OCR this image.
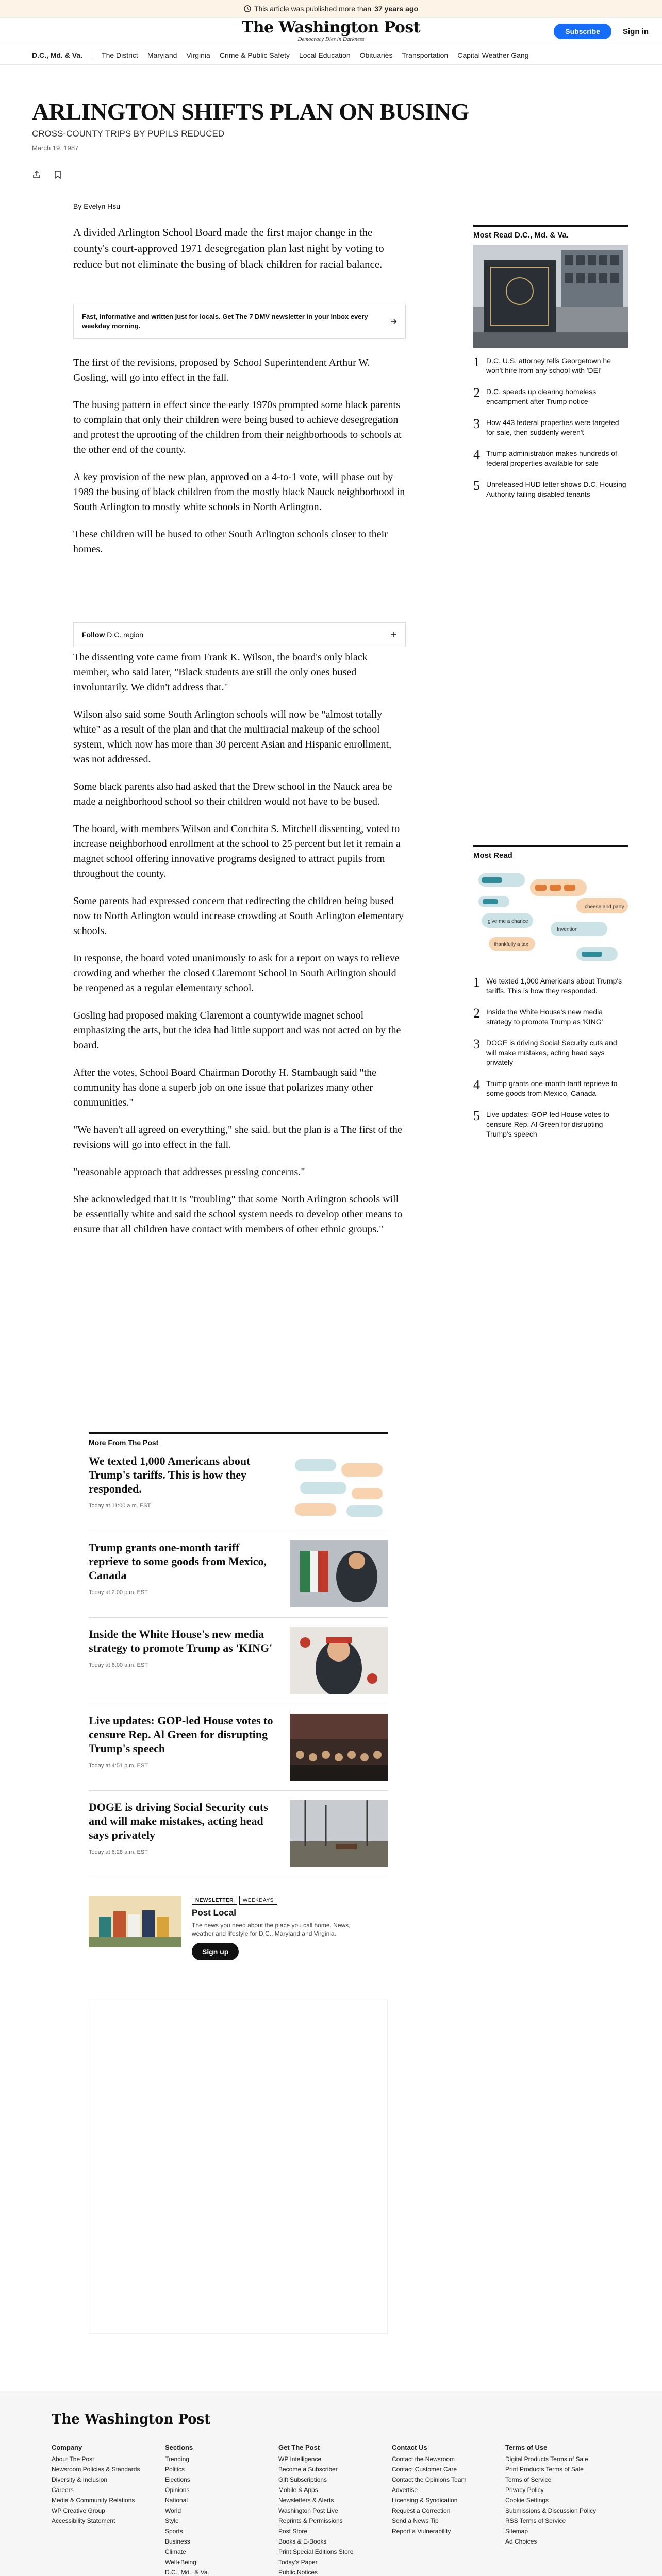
This article was published more than 37 years ago
The Washington Post
Democracy Dies in Darkness
Subscribe	Sign in
D.C., Md. & Va.	The District Maryland Virginia Crime & Public Safety Local Education Obituaries Transportation Capital Weather Gang
ARLINGTON SHIFTS PLAN ON BUSING
CROSS-COUNTY TRIPS BY PUPILS REDUCED
March 19, 1987
By Evelyn Hsu
A divided Arlington School Board made the first major change in the county's court-approved 1971 desegregation plan last night by voting to reduce but not eliminate the busing of black children for racial balance.
Fast, informative and written just for locals. Get The 7 DMV newsletter in your inbox every weekday morning.

The first of the revisions, proposed by School Superintendent Arthur W. Gosling, will go into effect in the fall.

The busing pattern in effect since the early 1970s prompted some black parents to complain that only their children were being bused to achieve desegregation and protest the uprooting of the children from their neighborhoods to schools at the other end of the county.

A key provision of the new plan, approved on a 4-to-1 vote, will phase out by 1989 the busing of black children from the mostly black Nauck neighborhood in South Arlington to mostly white schools in North Arlington.

These children will be bused to other South Arlington schools closer to their homes.

Follow D.C. region

The dissenting vote came from Frank K. Wilson, the board's only black member, who said later, "Black students are still the only ones bused involuntarily. We didn't address that."

Wilson also said some South Arlington schools will now be "almost totally white" as a result of the plan and that the multiracial makeup of the school system, which now has more than 30 percent Asian and Hispanic enrollment, was not addressed.

Some black parents also had asked that the Drew school in the Nauck area be made a neighborhood school so their children would not have to be bused.

The board, with members Wilson and Conchita S. Mitchell dissenting, voted to increase neighborhood enrollment at the school to 25 percent but let it remain a magnet school offering innovative programs designed to attract pupils from throughout the county.

Some parents had expressed concern that redirecting the children being bused now to North Arlington would increase crowding at South Arlington elementary schools.

In response, the board voted unanimously to ask for a report on ways to relieve crowding and whether the closed Claremont School in South Arlington should be reopened as a regular elementary school.

Gosling had proposed making Claremont a countywide magnet school emphasizing the arts, but the idea had little support and was not acted on by the board.

After the votes, School Board Chairman Dorothy H. Stambaugh said "the community has done a superb job on one issue that polarizes many other communities."

"We haven't all agreed on everything," she said. but the plan is a The first of the revisions will go into effect in the fall.

"reasonable approach that addresses pressing concerns."

She acknowledged that it is "troubling" that some North Arlington schools will be essentially white and said the school system needs to develop other means to ensure that all children have contact with members of other ethnic groups."

Most Read D.C., Md. & Va.
1 D.C. U.S. attorney tells Georgetown he won't hire from any school with 'DEI'
2 D.C. speeds up clearing homeless encampment after Trump notice
3 How 443 federal properties were targeted for sale, then suddenly weren't
4 Trump administration makes hundreds of federal properties available for sale
5 Unreleased HUD letter shows D.C. Housing Authority failing disabled tenants
Most Read
cheese and party
give me a chance
Invention
thankfully a tax
1 We texted 1,000 Americans about Trump's tariffs. This is how they responded.
2 Inside the White House's new media strategy to promote Trump as 'KING'
3 DOGE is driving Social Security cuts and will make mistakes, acting head says privately
4 Trump grants one-month tariff reprieve to some goods from Mexico, Canada
5 Live updates: GOP-led House votes to censure Rep. Al Green for disrupting Trump's speech
More From The Post
We texted 1,000 Americans about Trump's tariffs. This is how they responded.
Today at 11:00 a.m. EST
Trump grants one-month tariff reprieve to some goods from Mexico, Canada
Today at 2:00 p.m. EST
Inside the White House's new media strategy to promote Trump as 'KING'
Today at 6:00 a.m. EST
Live updates: GOP-led House votes to censure Rep. Al Green for disrupting Trump's speech
Today at 4:51 p.m. EST
DOGE is driving Social Security cuts and will make mistakes, acting head says privately
Today at 6:28 a.m. EST
NEWSLETTER	WEEKDAYS
Post Local
The news you need about the place you call home. News, weather and lifestyle for D.C., Maryland and Virginia.
Sign up
The Washington Post
Company
About The Post
Newsroom Policies & Standards
Diversity & Inclusion
Careers
Media & Community Relations
WP Creative Group
Accessibility Statement
Sections
Trending
Politics
Elections
Opinions
National
World
Style
Sports
Business
Climate
Well+Being
D.C., Md., & Va.
Get The Post
WP Intelligence
Become a Subscriber
Gift Subscriptions
Mobile & Apps
Newsletters & Alerts
Washington Post Live
Reprints & Permissions
Post Store
Books & E-Books
Print Special Editions Store
Today's Paper
Public Notices
Contact Us
Contact the Newsroom
Contact Customer Care
Contact the Opinions Team
Advertise
Licensing & Syndication
Request a Correction
Send a News Tip
Report a Vulnerability
Terms of Use
Digital Products Terms of Sale
Print Products Terms of Sale
Terms of Service
Privacy Policy
Cookie Settings
Submissions & Discussion Policy
RSS Terms of Service
Sitemap
Ad Choices
